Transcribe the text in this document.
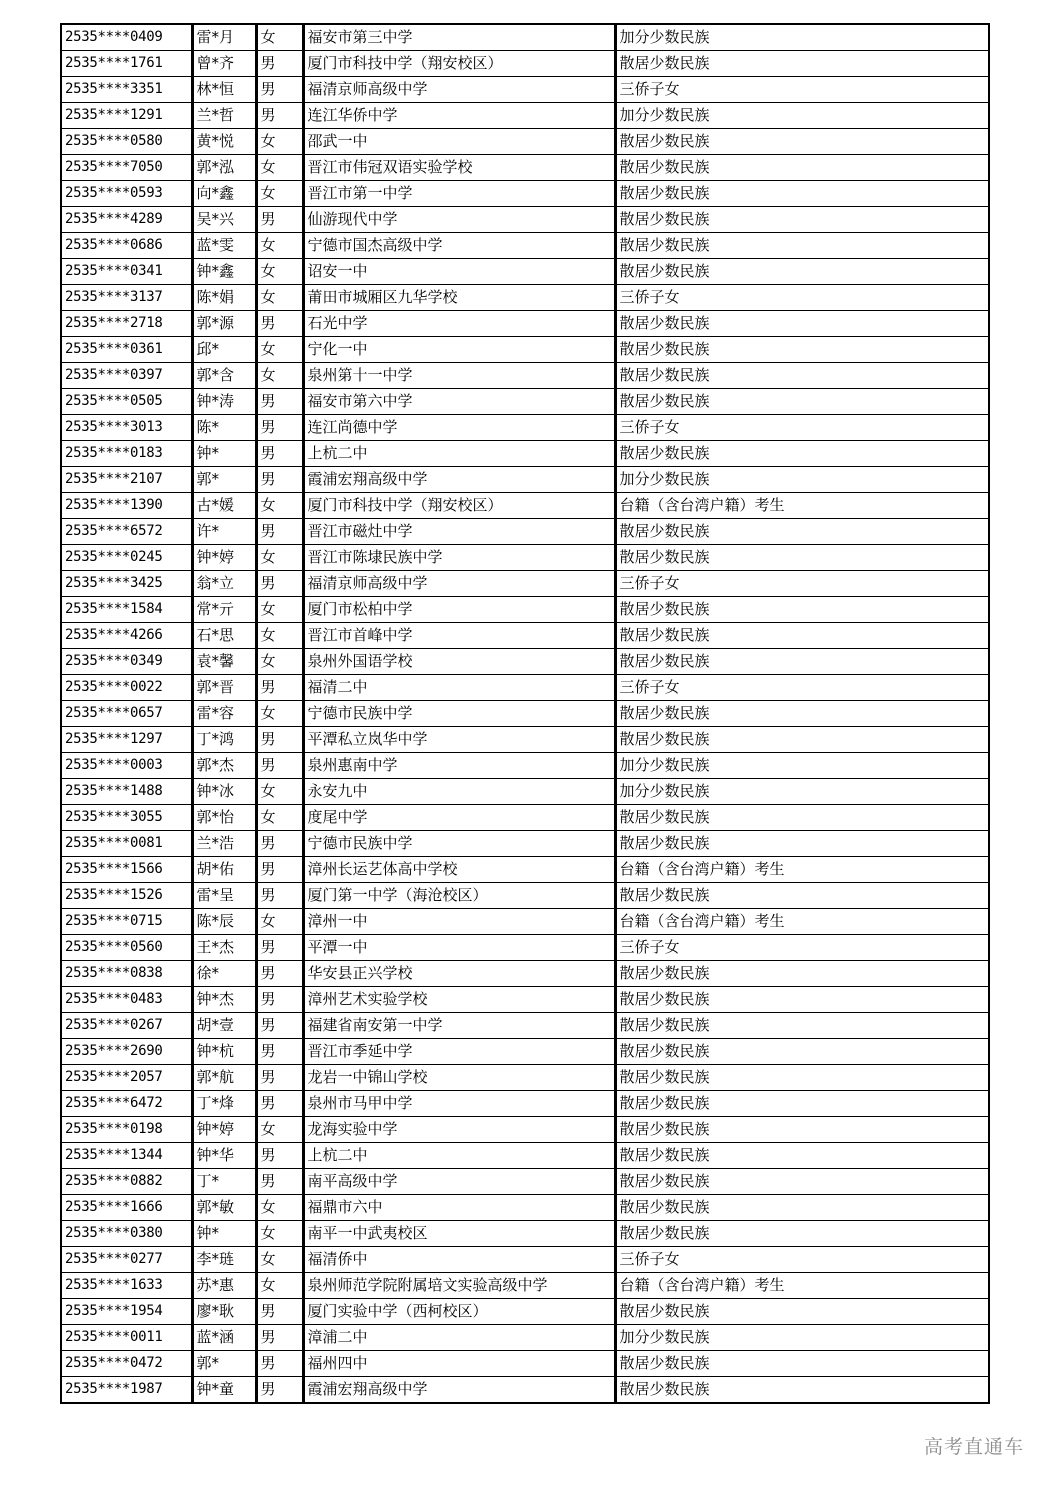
2535****0409	雷*月	女	福安市第三中学	加分少数民族
2535****1761	曾*齐	男	厦门市科技中学（翔安校区）	散居少数民族
2535****3351	林*恒	男	福清京师高级中学	三侨子女
2535****1291	兰*哲	男	连江华侨中学	加分少数民族
2535****0580	黄*悦	女	邵武一中	散居少数民族
2535****7050	郭*泓	女	晋江市伟冠双语实验学校	散居少数民族
2535****0593	向*鑫	女	晋江市第一中学	散居少数民族
2535****4289	吴*兴	男	仙游现代中学	散居少数民族
2535****0686	蓝*雯	女	宁德市国杰高级中学	散居少数民族
2535****0341	钟*鑫	女	诏安一中	散居少数民族
2535****3137	陈*娟	女	莆田市城厢区九华学校	三侨子女
2535****2718	郭*源	男	石光中学	散居少数民族
2535****0361	邱*	女	宁化一中	散居少数民族
2535****0397	郭*含	女	泉州第十一中学	散居少数民族
2535****0505	钟*涛	男	福安市第六中学	散居少数民族
2535****3013	陈*	男	连江尚德中学	三侨子女
2535****0183	钟*	男	上杭二中	散居少数民族
2535****2107	郭*	男	霞浦宏翔高级中学	加分少数民族
2535****1390	古*媛	女	厦门市科技中学（翔安校区）	台籍（含台湾户籍）考生
2535****6572	许*	男	晋江市磁灶中学	散居少数民族
2535****0245	钟*婷	女	晋江市陈埭民族中学	散居少数民族
2535****3425	翁*立	男	福清京师高级中学	三侨子女
2535****1584	常*亓	女	厦门市松柏中学	散居少数民族
2535****4266	石*思	女	晋江市首峰中学	散居少数民族
2535****0349	袁*馨	女	泉州外国语学校	散居少数民族
2535****0022	郭*晋	男	福清二中	三侨子女
2535****0657	雷*容	女	宁德市民族中学	散居少数民族
2535****1297	丁*鸿	男	平潭私立岚华中学	散居少数民族
2535****0003	郭*杰	男	泉州惠南中学	加分少数民族
2535****1488	钟*冰	女	永安九中	加分少数民族
2535****3055	郭*怡	女	度尾中学	散居少数民族
2535****0081	兰*浩	男	宁德市民族中学	散居少数民族
2535****1566	胡*佑	男	漳州长运艺体高中学校	台籍（含台湾户籍）考生
2535****1526	雷*呈	男	厦门第一中学（海沧校区）	散居少数民族
2535****0715	陈*辰	女	漳州一中	台籍（含台湾户籍）考生
2535****0560	王*杰	男	平潭一中	三侨子女
2535****0838	徐*	男	华安县正兴学校	散居少数民族
2535****0483	钟*杰	男	漳州艺术实验学校	散居少数民族
2535****0267	胡*壹	男	福建省南安第一中学	散居少数民族
2535****2690	钟*杭	男	晋江市季延中学	散居少数民族
2535****2057	郭*航	男	龙岩一中锦山学校	散居少数民族
2535****6472	丁*烽	男	泉州市马甲中学	散居少数民族
2535****0198	钟*婷	女	龙海实验中学	散居少数民族
2535****1344	钟*华	男	上杭二中	散居少数民族
2535****0882	丁*	男	南平高级中学	散居少数民族
2535****1666	郭*敏	女	福鼎市六中	散居少数民族
2535****0380	钟*	女	南平一中武夷校区	散居少数民族
2535****0277	李*琏	女	福清侨中	三侨子女
2535****1633	苏*惠	女	泉州师范学院附属培文实验高级中学	台籍（含台湾户籍）考生
2535****1954	廖*耿	男	厦门实验中学（西柯校区）	散居少数民族
2535****0011	蓝*涵	男	漳浦二中	加分少数民族
2535****0472	郭*	男	福州四中	散居少数民族
2535****1987	钟*童	男	霞浦宏翔高级中学	散居少数民族
高考直通车
